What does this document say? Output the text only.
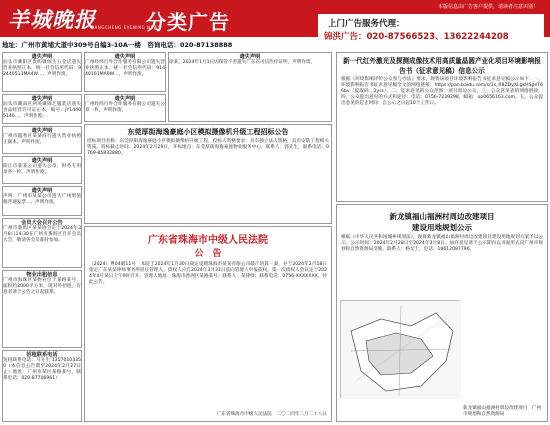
羊城晚报
YANGCHENG EVENING NEWS
分类广告
本版信息由广告客户提供，请读者注意识别！
上门广告服务代理：
锦洪广告：020-87566523、13622244208
地址：广州市黄埔大道中309号自编3-10A一楼　咨询电话：020-87138888
遗失声明
汕头市潮阳区贵屿镇灿生五金店遗失营业执照正本，统一社会信用代码：92440513MA4W…，声明作废。
遗失声明
汕头市潮南区两英镇锦艺服装店遗失食品经营许可证正本，编号：JY14405140…，声明作废。
遗失声明
广州市越秀区某某商行遗失营业执照正副本，声明作废。
遗失声明
阳江市某某公司遗失公章、财务专用章各一枚，声明作废。
遗失声明
声明：广州市某某公司遗失广州增值税普通发票…，声明作废。
会员大会召开公告
广州市番禺区某某协会定于2024年3月8日14:30在广州市番禺区召开会员大会，敬请各会员准时参加。
物业出租信息
广州市海珠区某物业位于某路某号，面积约2000平方米，现对外招租，有意者请于公告之日起联系。
招租联系电话
短租联系电话：马先生 13570103350（本信息公告期至2024年2月27日止）地址：广州市某区某路某号，联系电话：020-87706961）
遗失声明
广州经纬行外合作服务有限公司遗失营业执照正本，统一社会信用代码：91440101MA9W…，声明作废。
遗失声明
广州经纬行外合作服务有限公司遗失公章一枚，声明作废。
遗失声明
徐某，2024年1月1日因保管不善遗失广东省可信医疗证明，声明作废。
东莞厚街海逸豪庭小区模拟摄像机升级工程招标公告
招标项目名称：东莞厚街海逸豪庭小区模拟摄像机升级工程。投标人资格要求：具有独立法人资格，具有安防工程相关资质。投标截止时间：2024年2月29日，开标地点：东莞厚街海逸豪庭物业服务中心。联系人：郭先生，联系电话：0769-85832880。
广东省珠海市中级人民法院
公　告
（2024）粤04破11号　本院于2024年1月30日裁定受理珠海市某某有限公司破产清算一案，并于2024年2月18日指定广东某某律师事务所担任管理人。债权人应自2024年3月31日前向管理人申报债权。第一次债权人会议定于2024年4月某日上午9时召开。管理人地址：珠海市香洲区某路某号；联系人：某律师；联系电话：0756-XXXXXXX。特此公告。
广东省珠海市中级人民法院　二〇二四年二月二十八日
新一代红外激光及探测成像技术用高质量晶圆产业化项目环境影响报告书（征求意见稿）信息公示
根据《环境影响评价公众参与办法》要求，现将该项目环境影响报告书征求意见稿公示如下：一、环境影响报告书征求意见稿全文的网络链接：https://pan.baidu.com/s/1s_R8ZDyXLgkHSpeT66bv（提取码：2yss）。二、征求意见的公众范围：项目周边公众。三、公众意见表的网络链接。四、公众提出意见的方式和途径：电话：0756-7239298，邮箱：op0656163.com。五、公众提出意见的起止时间：自公示之日起10个工作日。
新龙镇福山福洲村周边改建项目
建设用地规划公示
根据《中华人民共和国城乡规划法》，现将新龙镇福山福洲村周边改建项目建设用地规划方案予以公示。公示时间：2024年2月28日至2024年3月8日。如有意见请于公示期内以书面形式向广州市规划和自然资源局反映。联系人：杨女士，电话：18612087796。
新龙镇福山福洲村周边改建项目　广州市规划和自然资源局
